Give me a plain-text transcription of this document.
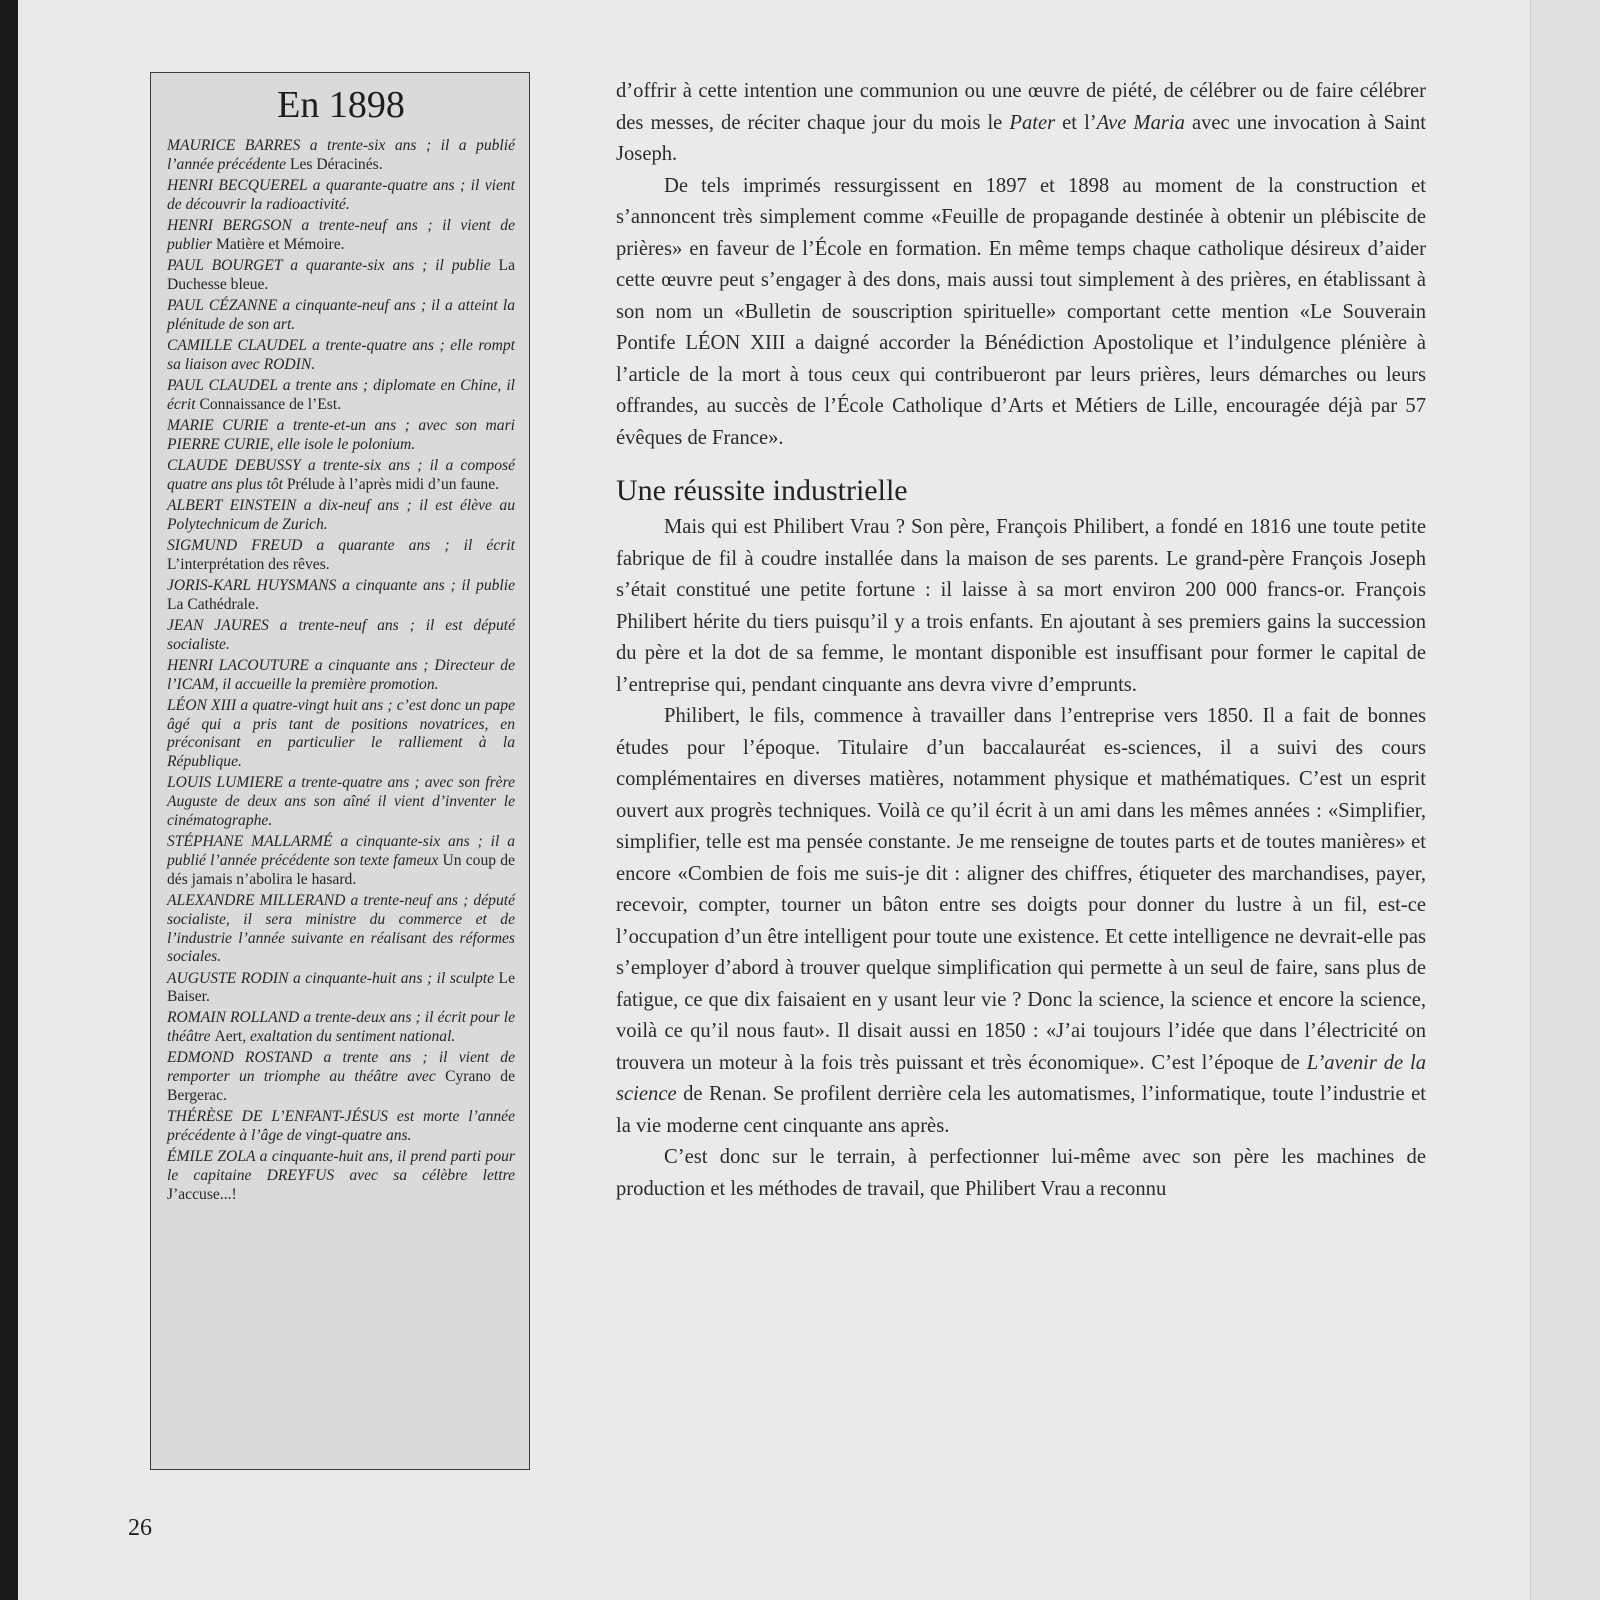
En 1898

MAURICE BARRES a trente-six ans ; il a publié l’année précédente Les Déracinés.

HENRI BECQUEREL a quarante-quatre ans ; il vient de découvrir la radioactivité.

HENRI BERGSON a trente-neuf ans ; il vient de publier Matière et Mémoire.

PAUL BOURGET a quarante-six ans ; il publie La Duchesse bleue.

PAUL CÉZANNE a cinquante-neuf ans ; il a atteint la plénitude de son art.

CAMILLE CLAUDEL a trente-quatre ans ; elle rompt sa liaison avec RODIN.

PAUL CLAUDEL a trente ans ; diplomate en Chine, il écrit Connaissance de l’Est.

MARIE CURIE a trente-et-un ans ; avec son mari PIERRE CURIE, elle isole le polonium.

CLAUDE DEBUSSY a trente-six ans ; il a composé quatre ans plus tôt Prélude à l’après midi d’un faune.

ALBERT EINSTEIN a dix-neuf ans ; il est élève au Polytechnicum de Zurich.

SIGMUND FREUD a quarante ans ; il écrit L’interprétation des rêves.

JORIS-KARL HUYSMANS a cinquante ans ; il publie La Cathédrale.

JEAN JAURES a trente-neuf ans ; il est député socialiste.

HENRI LACOUTURE a cinquante ans ; Directeur de l’ICAM, il accueille la première promotion.

LÉON XIII a quatre-vingt huit ans ; c’est donc un pape âgé qui a pris tant de positions novatrices, en préconisant en particulier le ralliement à la République.

LOUIS LUMIERE a trente-quatre ans ; avec son frère Auguste de deux ans son aîné il vient d’inventer le cinématographe.

STÉPHANE MALLARMÉ a cinquante-six ans ; il a publié l’année précédente son texte fameux Un coup de dés jamais n’abolira le hasard.

ALEXANDRE MILLERAND a trente-neuf ans ; député socialiste, il sera ministre du commerce et de l’industrie l’année suivante en réalisant des réformes sociales.

AUGUSTE RODIN a cinquante-huit ans ; il sculpte Le Baiser.

ROMAIN ROLLAND a trente-deux ans ; il écrit pour le théâtre Aert, exaltation du sentiment national.

EDMOND ROSTAND a trente ans ; il vient de remporter un triomphe au théâtre avec Cyrano de Bergerac.

THÉRÈSE DE L’ENFANT-JÉSUS est morte l’année précédente à l’âge de vingt-quatre ans.

ÉMILE ZOLA a cinquante-huit ans, il prend parti pour le capitaine DREYFUS avec sa célèbre lettre J’accuse...!

d’offrir à cette intention une communion ou une œuvre de piété, de célébrer ou de faire célébrer des messes, de réciter chaque jour du mois le Pater et l’Ave Maria avec une invocation à Saint Joseph.

De tels imprimés ressurgissent en 1897 et 1898 au moment de la construction et s’annoncent très simplement comme «Feuille de propagande destinée à obtenir un plébiscite de prières» en faveur de l’École en formation. En même temps chaque catholique désireux d’aider cette œuvre peut s’engager à des dons, mais aussi tout simplement à des prières, en établissant à son nom un «Bulletin de souscription spirituelle» comportant cette mention «Le Souverain Pontife LÉON XIII a daigné accorder la Bénédiction Apostolique et l’indulgence plénière à l’article de la mort à tous ceux qui contribueront par leurs prières, leurs démarches ou leurs offrandes, au succès de l’École Catholique d’Arts et Métiers de Lille, encouragée déjà par 57 évêques de France».

Une réussite industrielle

Mais qui est Philibert Vrau ? Son père, François Philibert, a fondé en 1816 une toute petite fabrique de fil à coudre installée dans la maison de ses parents. Le grand-père François Joseph s’était constitué une petite fortune : il laisse à sa mort environ 200 000 francs-or. François Philibert hérite du tiers puisqu’il y a trois enfants. En ajoutant à ses premiers gains la succession du père et la dot de sa femme, le montant disponible est insuffisant pour former le capital de l’entreprise qui, pendant cinquante ans devra vivre d’emprunts.

Philibert, le fils, commence à travailler dans l’entreprise vers 1850. Il a fait de bonnes études pour l’époque. Titulaire d’un baccalauréat es-sciences, il a suivi des cours complémentaires en diverses matières, notamment physique et mathématiques. C’est un esprit ouvert aux progrès techniques. Voilà ce qu’il écrit à un ami dans les mêmes années : «Simplifier, simplifier, telle est ma pensée constante. Je me renseigne de toutes parts et de toutes manières» et encore «Combien de fois me suis-je dit : aligner des chiffres, étiqueter des marchandises, payer, recevoir, compter, tourner un bâton entre ses doigts pour donner du lustre à un fil, est-ce l’occupation d’un être intelligent pour toute une existence. Et cette intelligence ne devrait-elle pas s’employer d’abord à trouver quelque simplification qui permette à un seul de faire, sans plus de fatigue, ce que dix faisaient en y usant leur vie ? Donc la science, la science et encore la science, voilà ce qu’il nous faut». Il disait aussi en 1850 : «J’ai toujours l’idée que dans l’électricité on trouvera un moteur à la fois très puissant et très économique». C’est l’époque de L’avenir de la science de Renan. Se profilent derrière cela les automatismes, l’informatique, toute l’industrie et la vie moderne cent cinquante ans après.

C’est donc sur le terrain, à perfectionner lui-même avec son père les machines de production et les méthodes de travail, que Philibert Vrau a reconnu

26
